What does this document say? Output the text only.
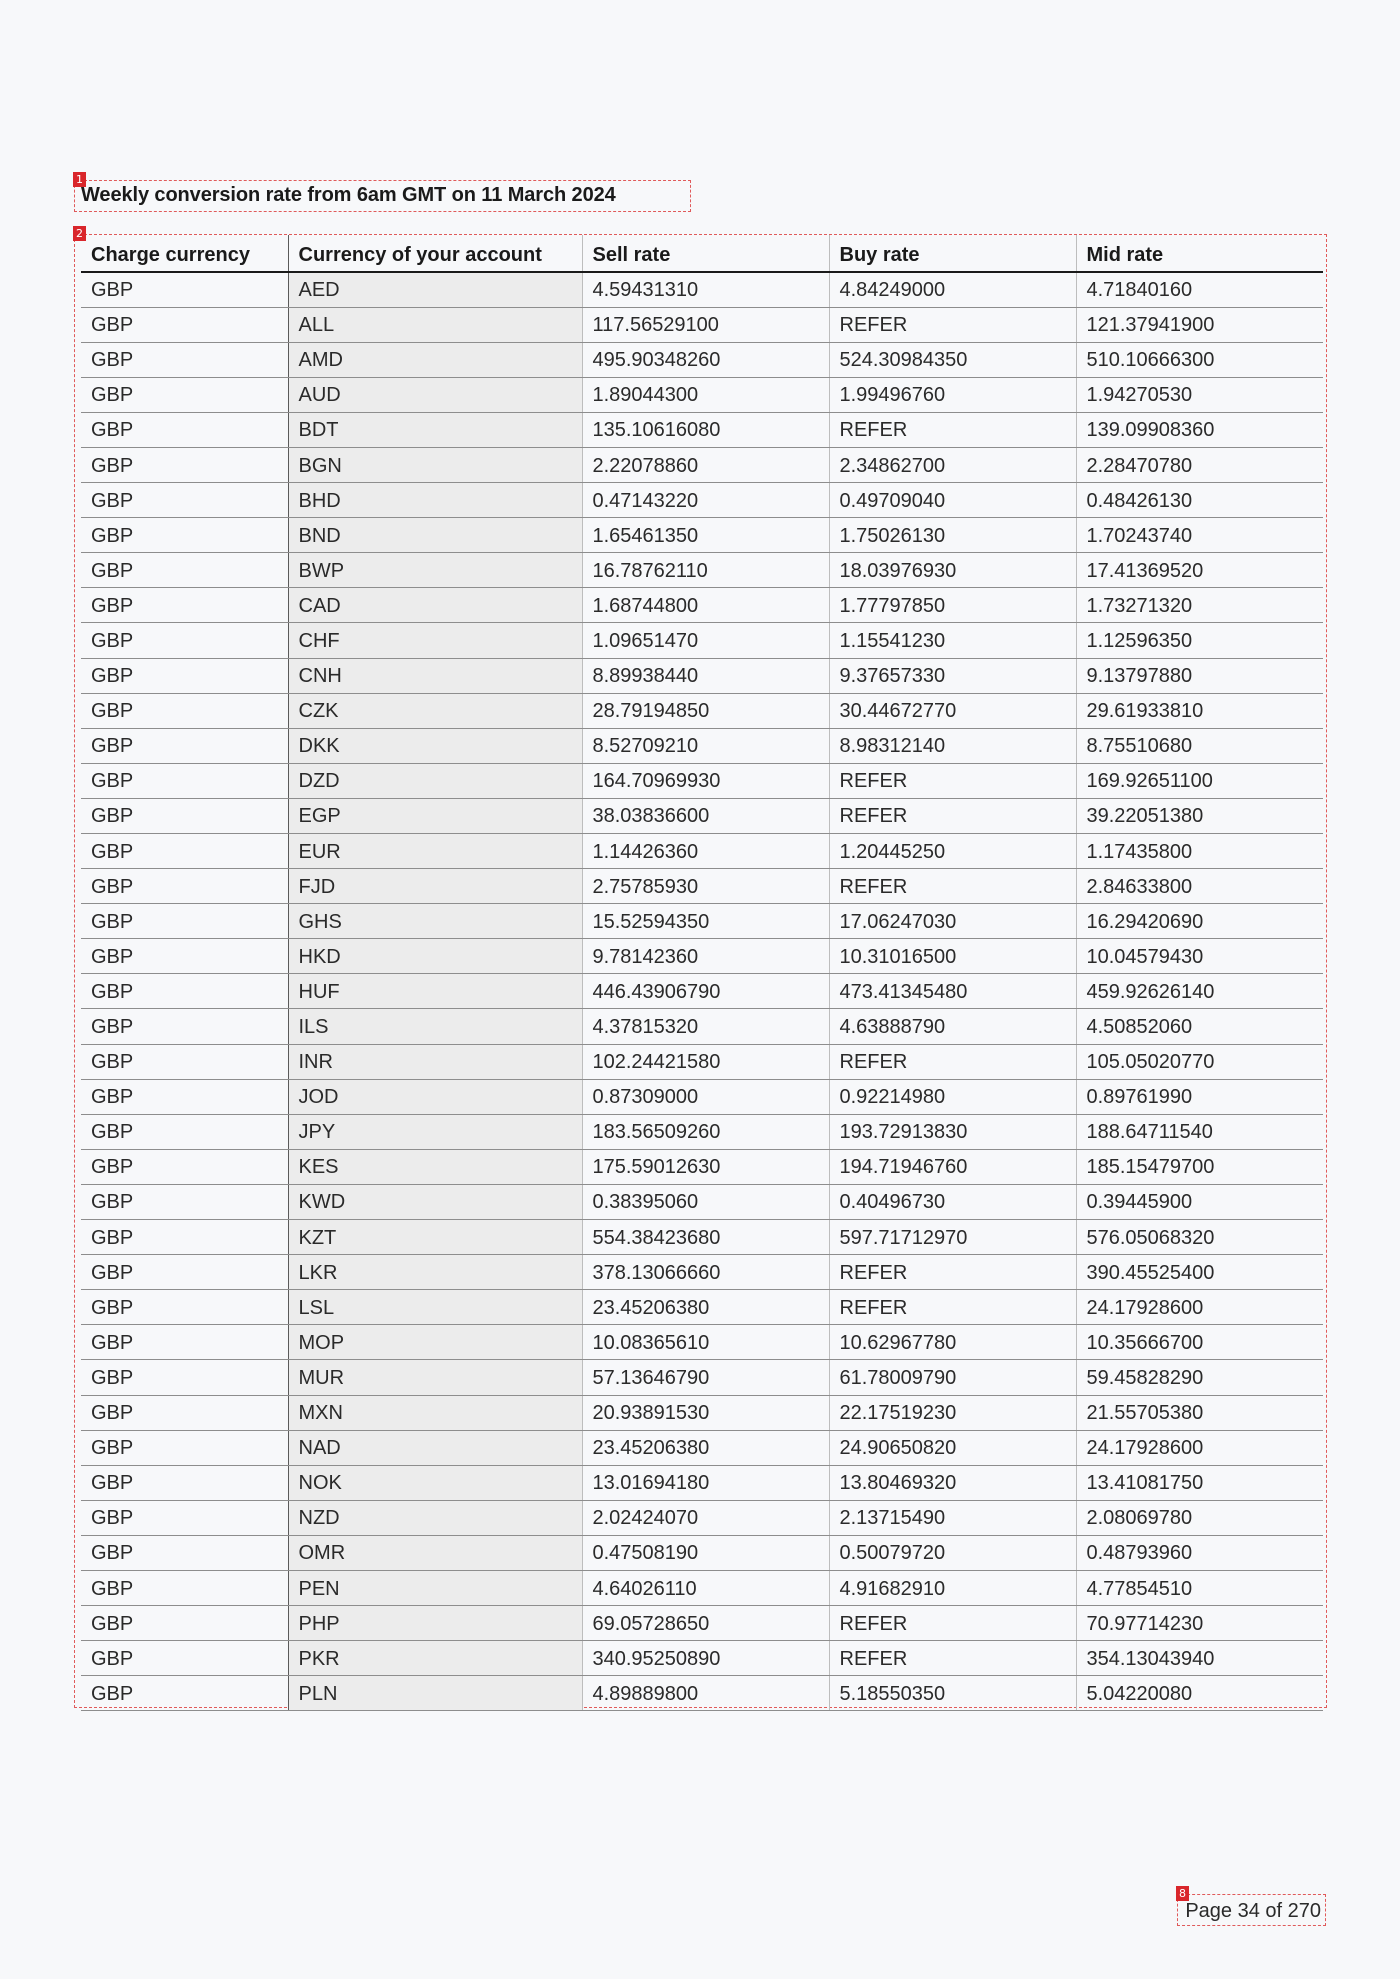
1
Weekly conversion rate from 6am GMT on 11 March 2024
2
Charge currency	Currency of your account	Sell rate	Buy rate	Mid rate
GBP	AED	4.59431310	4.84249000	4.71840160
GBP	ALL	117.56529100	REFER	121.37941900
GBP	AMD	495.90348260	524.30984350	510.10666300
GBP	AUD	1.89044300	1.99496760	1.94270530
GBP	BDT	135.10616080	REFER	139.09908360
GBP	BGN	2.22078860	2.34862700	2.28470780
GBP	BHD	0.47143220	0.49709040	0.48426130
GBP	BND	1.65461350	1.75026130	1.70243740
GBP	BWP	16.78762110	18.03976930	17.41369520
GBP	CAD	1.68744800	1.77797850	1.73271320
GBP	CHF	1.09651470	1.15541230	1.12596350
GBP	CNH	8.89938440	9.37657330	9.13797880
GBP	CZK	28.79194850	30.44672770	29.61933810
GBP	DKK	8.52709210	8.98312140	8.75510680
GBP	DZD	164.70969930	REFER	169.92651100
GBP	EGP	38.03836600	REFER	39.22051380
GBP	EUR	1.14426360	1.20445250	1.17435800
GBP	FJD	2.75785930	REFER	2.84633800
GBP	GHS	15.52594350	17.06247030	16.29420690
GBP	HKD	9.78142360	10.31016500	10.04579430
GBP	HUF	446.43906790	473.41345480	459.92626140
GBP	ILS	4.37815320	4.63888790	4.50852060
GBP	INR	102.24421580	REFER	105.05020770
GBP	JOD	0.87309000	0.92214980	0.89761990
GBP	JPY	183.56509260	193.72913830	188.64711540
GBP	KES	175.59012630	194.71946760	185.15479700
GBP	KWD	0.38395060	0.40496730	0.39445900
GBP	KZT	554.38423680	597.71712970	576.05068320
GBP	LKR	378.13066660	REFER	390.45525400
GBP	LSL	23.45206380	REFER	24.17928600
GBP	MOP	10.08365610	10.62967780	10.35666700
GBP	MUR	57.13646790	61.78009790	59.45828290
GBP	MXN	20.93891530	22.17519230	21.55705380
GBP	NAD	23.45206380	24.90650820	24.17928600
GBP	NOK	13.01694180	13.80469320	13.41081750
GBP	NZD	2.02424070	2.13715490	2.08069780
GBP	OMR	0.47508190	0.50079720	0.48793960
GBP	PEN	4.64026110	4.91682910	4.77854510
GBP	PHP	69.05728650	REFER	70.97714230
GBP	PKR	340.95250890	REFER	354.13043940
GBP	PLN	4.89889800	5.18550350	5.04220080
8
Page 34 of 270
